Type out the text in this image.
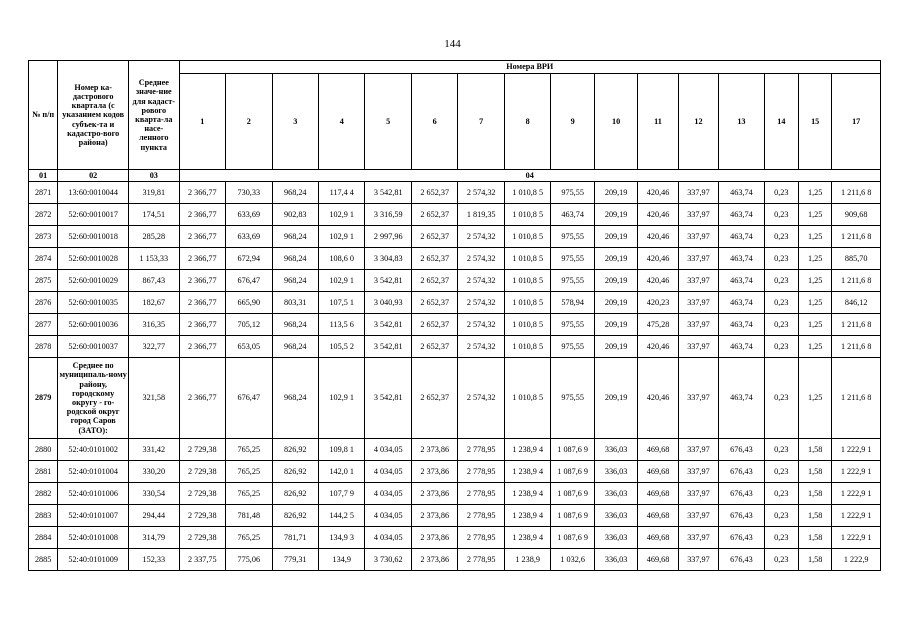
144
№ п/п	Номер ка-дастрового квартала (с указанием кодов субъек-та и кадастро-вого района)	Среднее значе-ние для кадаст-рового кварта-ла насе-ленного пункта	Номера ВРИ															
			1	2	3	4	5	6	7	8	9	10	11	12	13	14	15	17
01	02	03	04															
2871	13:60:0010044	319,81	2 366,77	730,33	968,24	117,4 4	3 542,81	2 652,37	2 574,32	1 010,8 5	975,55	209,19	420,46	337,97	463,74	0,23	1,25	1 211,6 8
2872	52:60:0010017	174,51	2 366,77	633,69	902,83	102,9 1	3 316,59	2 652,37	1 819,35	1 010,8 5	463,74	209,19	420,46	337,97	463,74	0,23	1,25	909,68
2873	52:60:0010018	285,28	2 366,77	633,69	968,24	102,9 1	2 997,96	2 652,37	2 574,32	1 010,8 5	975,55	209,19	420,46	337,97	463,74	0,23	1,25	1 211,6 8
2874	52:60:0010028	1 153,33	2 366,77	672,94	968,24	108,6 0	3 304,83	2 652,37	2 574,32	1 010,8 5	975,55	209,19	420,46	337,97	463,74	0,23	1,25	885,70
2875	52:60:0010029	867,43	2 366,77	676,47	968,24	102,9 1	3 542,81	2 652,37	2 574,32	1 010,8 5	975,55	209,19	420,46	337,97	463,74	0,23	1,25	1 211,6 8
2876	52:60:0010035	182,67	2 366,77	665,90	803,31	107,5 1	3 040,93	2 652,37	2 574,32	1 010,8 5	578,94	209,19	420,23	337,97	463,74	0,23	1,25	846,12
2877	52:60:0010036	316,35	2 366,77	705,12	968,24	113,5 6	3 542,81	2 652,37	2 574,32	1 010,8 5	975,55	209,19	475,28	337,97	463,74	0,23	1,25	1 211,6 8
2878	52:60:0010037	322,77	2 366,77	653,05	968,24	105,5 2	3 542,81	2 652,37	2 574,32	1 010,8 5	975,55	209,19	420,46	337,97	463,74	0,23	1,25	1 211,6 8
2879	Среднее по муниципаль-ному району, городскому округу - го-родской округ город Саров (ЗАТО):	321,58	2 366,77	676,47	968,24	102,9 1	3 542,81	2 652,37	2 574,32	1 010,8 5	975,55	209,19	420,46	337,97	463,74	0,23	1,25	1 211,6 8
2880	52:40:0101002	331,42	2 729,38	765,25	826,92	109,8 1	4 034,05	2 373,86	2 778,95	1 238,9 4	1 087,6 9	336,03	469,68	337,97	676,43	0,23	1,58	1 222,9 1
2881	52:40:0101004	330,20	2 729,38	765,25	826,92	142,0 1	4 034,05	2 373,86	2 778,95	1 238,9 4	1 087,6 9	336,03	469,68	337,97	676,43	0,23	1,58	1 222,9 1
2882	52:40:0101006	330,54	2 729,38	765,25	826,92	107,7 9	4 034,05	2 373,86	2 778,95	1 238,9 4	1 087,6 9	336,03	469,68	337,97	676,43	0,23	1,58	1 222,9 1
2883	52:40:0101007	294,44	2 729,38	781,48	826,92	144,2 5	4 034,05	2 373,86	2 778,95	1 238,9 4	1 087,6 9	336,03	469,68	337,97	676,43	0,23	1,58	1 222,9 1
2884	52:40:0101008	314,79	2 729,38	765,25	781,71	134,9 3	4 034,05	2 373,86	2 778,95	1 238,9 4	1 087,6 9	336,03	469,68	337,97	676,43	0,23	1,58	1 222,9 1
2885	52:40:0101009	152,33	2 337,75	775,06	779,31	134,9	3 730,62	2 373,86	2 778,95	1 238,9	1 032,6	336,03	469,68	337,97	676,43	0,23	1,58	1 222,9
